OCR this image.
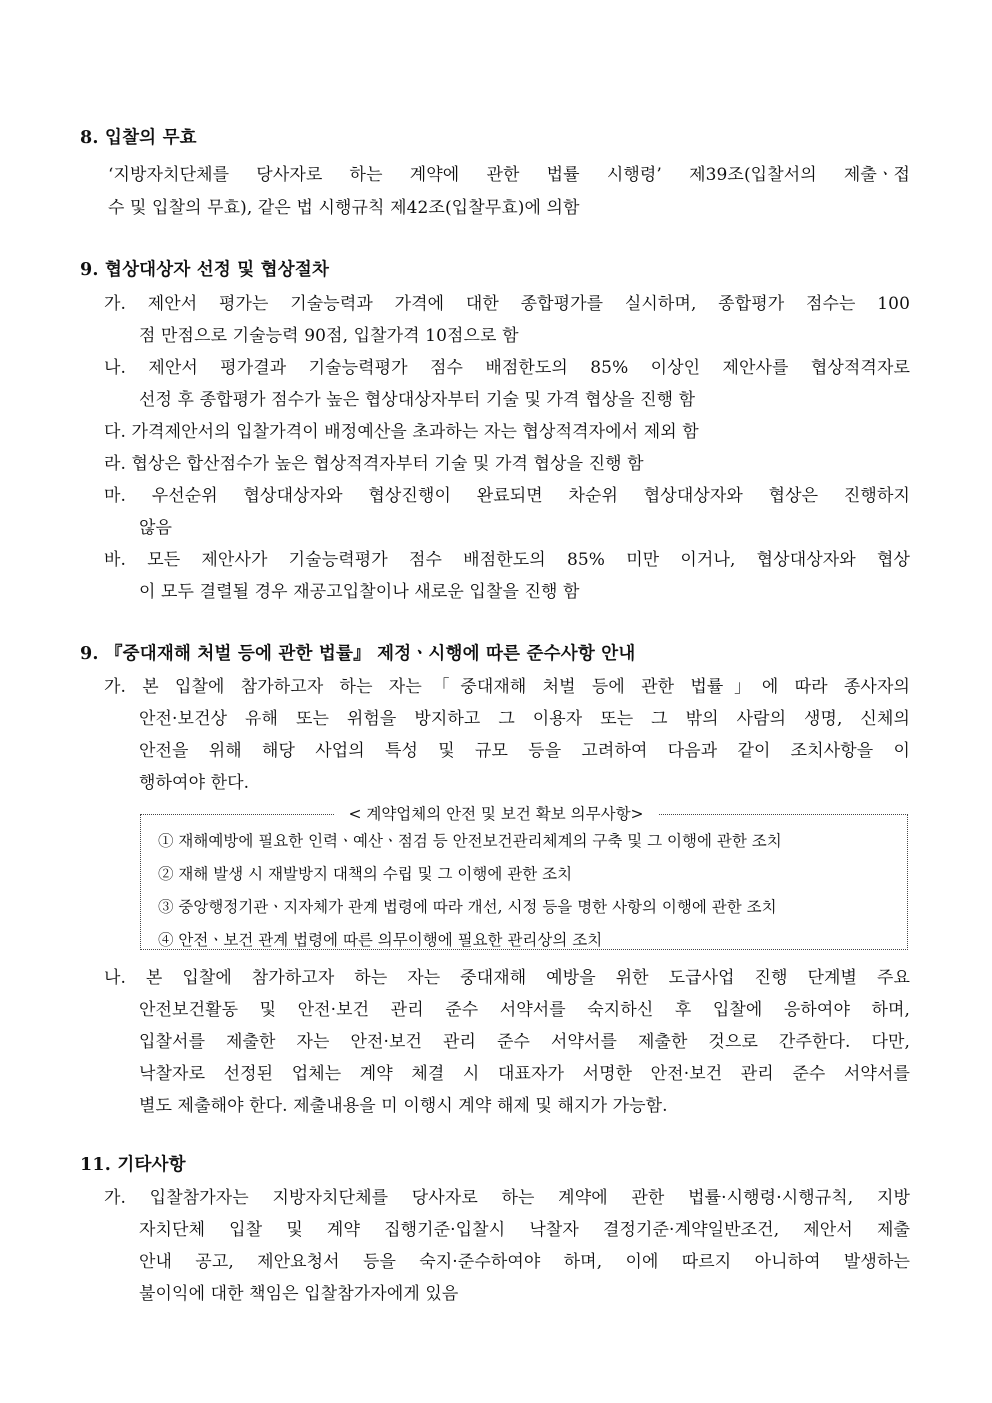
8. 입찰의 무효
‘지방자치단체를 당사자로 하는 계약에 관한 법률 시행령’ 제39조(입찰서의 제출ㆍ접
수 및 입찰의 무효), 같은 법 시행규칙 제42조(입찰무효)에 의함
9. 협상대상자 선정 및 협상절차
가. 제안서 평가는 기술능력과 가격에 대한 종합평가를 실시하며, 종합평가 점수는 100
점 만점으로 기술능력 90점, 입찰가격 10점으로 함
나. 제안서 평가결과 기술능력평가 점수 배점한도의 85% 이상인 제안사를 협상적격자로
선정 후 종합평가 점수가 높은 협상대상자부터 기술 및 가격 협상을 진행 함
다. 가격제안서의 입찰가격이 배정예산을 초과하는 자는 협상적격자에서 제외 함
라. 협상은 합산점수가 높은 협상적격자부터 기술 및 가격 협상을 진행 함
마. 우선순위 협상대상자와 협상진행이 완료되면 차순위 협상대상자와 협상은 진행하지
않음
바. 모든 제안사가 기술능력평가 점수 배점한도의 85% 미만 이거나, 협상대상자와 협상
이 모두 결렬될 경우 재공고입찰이나 새로운 입찰을 진행 함
9. 『중대재해 처벌 등에 관한 법률』 제정ㆍ시행에 따른 준수사항 안내
가. 본 입찰에 참가하고자 하는 자는「중대재해 처벌 등에 관한 법률」에 따라 종사자의
안전·보건상 유해 또는 위험을 방지하고 그 이용자 또는 그 밖의 사람의 생명, 신체의
안전을 위해 해당 사업의 특성 및 규모 등을 고려하여 다음과 같이 조치사항을 이
행하여야 한다.
< 계약업체의 안전 및 보건 확보 의무사항>
① 재해예방에 필요한 인력ㆍ예산ㆍ점검 등 안전보건관리체계의 구축 및 그 이행에 관한 조치
② 재해 발생 시 재발방지 대책의 수립 및 그 이행에 관한 조치
③ 중앙행정기관ㆍ지자체가 관계 법령에 따라 개선, 시정 등을 명한 사항의 이행에 관한 조치
④ 안전ㆍ보건 관계 법령에 따른 의무이행에 필요한 관리상의 조치
나. 본 입찰에 참가하고자 하는 자는 중대재해 예방을 위한 도급사업 진행 단계별 주요
안전보건활동 및 안전·보건 관리 준수 서약서를 숙지하신 후 입찰에 응하여야 하며,
입찰서를 제출한 자는 안전·보건 관리 준수 서약서를 제출한 것으로 간주한다. 다만,
낙찰자로 선정된 업체는 계약 체결 시 대표자가 서명한 안전·보건 관리 준수 서약서를
별도 제출해야 한다. 제출내용을 미 이행시 계약 해제 및 해지가 가능함.
11. 기타사항
가. 입찰참가자는 지방자치단체를 당사자로 하는 계약에 관한 법률·시행령·시행규칙, 지방
자치단체 입찰 및 계약 집행기준·입찰시 낙찰자 결정기준·계약일반조건, 제안서 제출
안내 공고, 제안요청서 등을 숙지·준수하여야 하며, 이에 따르지 아니하여 발생하는
불이익에 대한 책임은 입찰참가자에게 있음
